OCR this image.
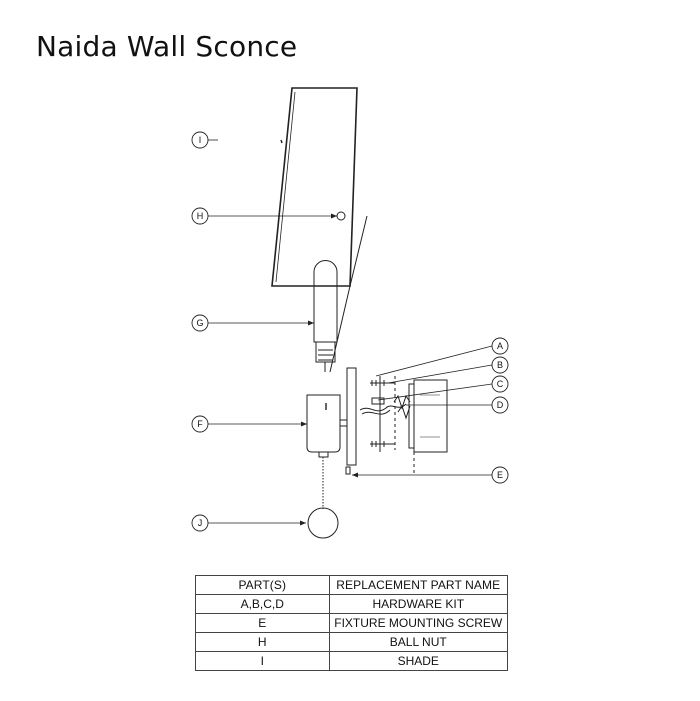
Naida Wall Sconce
I
H
G
F
J
A
B
C
D
E
PART(S)	REPLACEMENT PART NAME
A,B,C,D	HARDWARE KIT
E	FIXTURE MOUNTING SCREW
H	BALL NUT
I	SHADE
